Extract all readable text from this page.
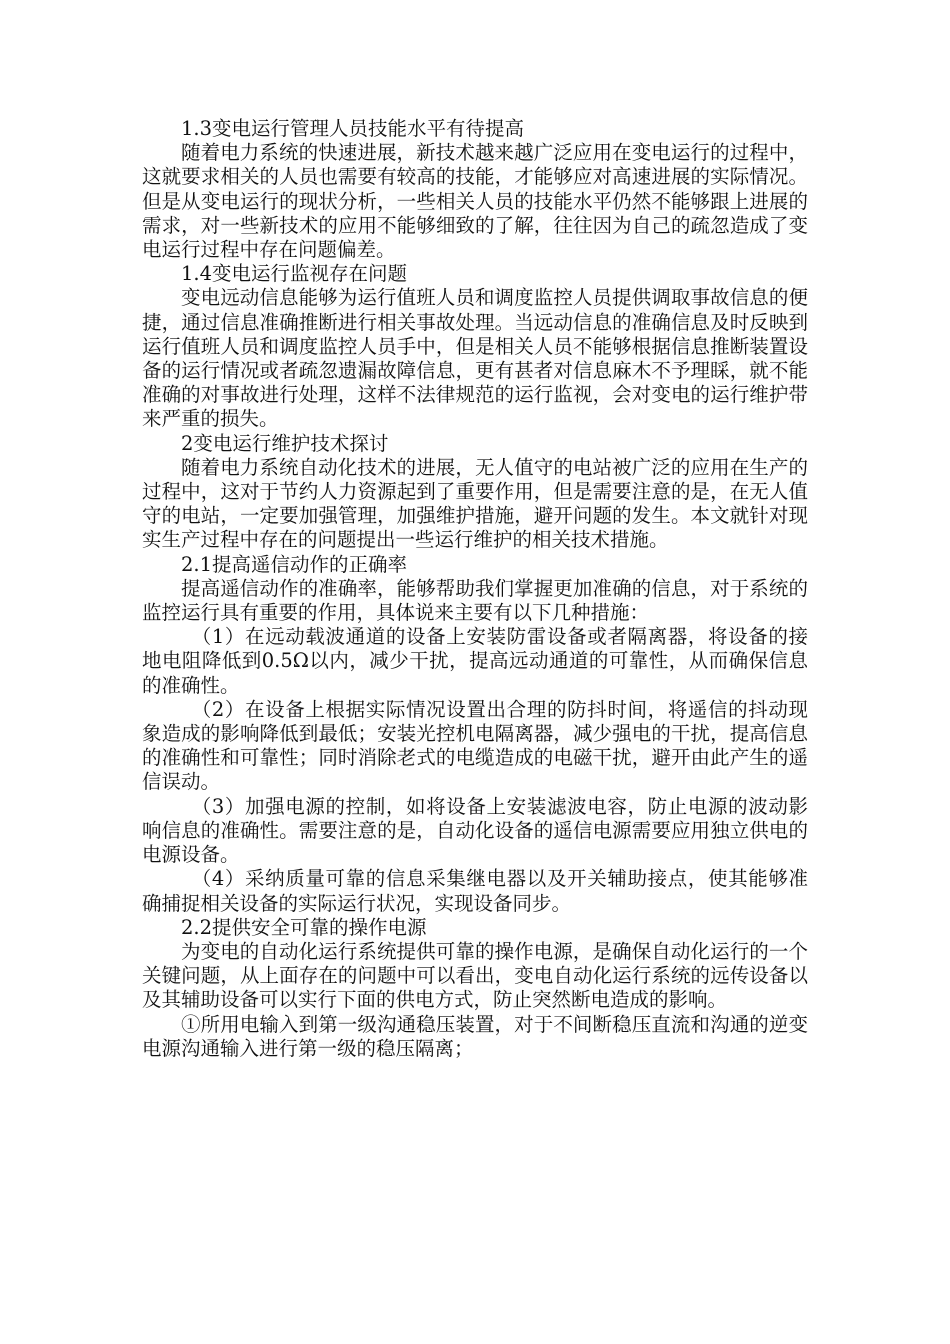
1.3变电运行管理人员技能水平有待提高

随着电力系统的快速进展，新技术越来越广泛应用在变电运行的过程中，这就要求相关的人员也需要有较高的技能，才能够应对高速进展的实际情况。但是从变电运行的现状分析，一些相关人员的技能水平仍然不能够跟上进展的需求，对一些新技术的应用不能够细致的了解，往往因为自己的疏忽造成了变电运行过程中存在问题偏差。

1.4变电运行监视存在问题

变电远动信息能够为运行值班人员和调度监控人员提供调取事故信息的便捷，通过信息准确推断进行相关事故处理。当远动信息的准确信息及时反映到运行值班人员和调度监控人员手中，但是相关人员不能够根据信息推断装置设备的运行情况或者疏忽遗漏故障信息，更有甚者对信息麻木不予理睬，就不能准确的对事故进行处理，这样不法律规范的运行监视，会对变电的运行维护带来严重的损失。

2变电运行维护技术探讨

随着电力系统自动化技术的进展，无人值守的电站被广泛的应用在生产的过程中，这对于节约人力资源起到了重要作用，但是需要注意的是，在无人值守的电站，一定要加强管理，加强维护措施，避开问题的发生。本文就针对现实生产过程中存在的问题提出一些运行维护的相关技术措施。

2.1提高遥信动作的正确率

提高遥信动作的准确率，能够帮助我们掌握更加准确的信息，对于系统的监控运行具有重要的作用，具体说来主要有以下几种措施：

（1）在远动载波通道的设备上安装防雷设备或者隔离器，将设备的接地电阻降低到0.5Ω以内，减少干扰，提高远动通道的可靠性，从而确保信息的准确性。

（2）在设备上根据实际情况设置出合理的防抖时间，将遥信的抖动现象造成的影响降低到最低；安装光控机电隔离器，减少强电的干扰，提高信息的准确性和可靠性；同时消除老式的电缆造成的电磁干扰，避开由此产生的遥信误动。

（3）加强电源的控制，如将设备上安装滤波电容，防止电源的波动影响信息的准确性。需要注意的是，自动化设备的遥信电源需要应用独立供电的电源设备。

（4）采纳质量可靠的信息采集继电器以及开关辅助接点，使其能够准确捕捉相关设备的实际运行状况，实现设备同步。

2.2提供安全可靠的操作电源

为变电的自动化运行系统提供可靠的操作电源，是确保自动化运行的一个关键问题，从上面存在的问题中可以看出，变电自动化运行系统的远传设备以及其辅助设备可以实行下面的供电方式，防止突然断电造成的影响。

①所用电输入到第一级沟通稳压装置，对于不间断稳压直流和沟通的逆变电源沟通输入进行第一级的稳压隔离；
